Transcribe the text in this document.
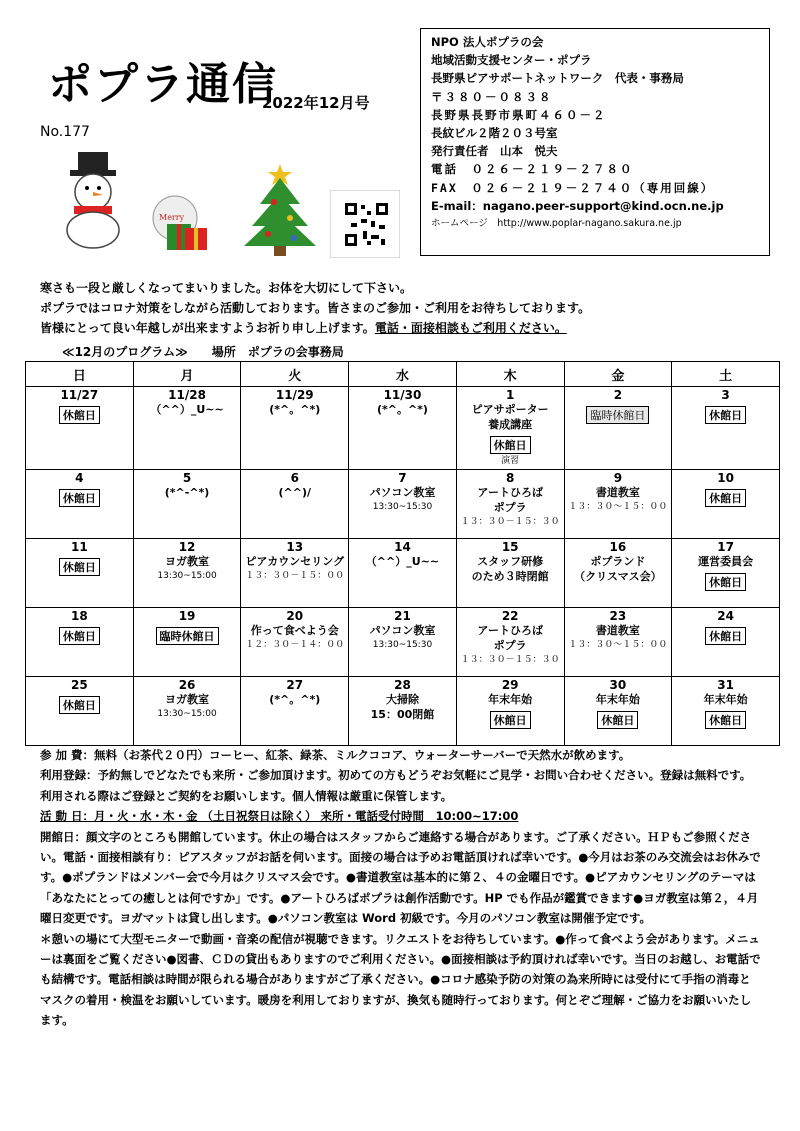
ポプラ通信
2022年12月号
No.177
Merry
NPO 法人ポプラの会
地域活動支援センター・ポプラ
長野県ピアサポートネットワーク　代表・事務局
〒３８０－０８３８
長野県長野市県町４６０－２
長紋ビル２階２０３号室
発行責任者　山本　悦夫
電話　０２６－２１９－２７８０
FAX　０２６－２１９－２７４０（専用回線）
E-mail：nagano.peer-support@kind.ocn.ne.jp
ホームページ　http://www.poplar-nagano.sakura.ne.jp
寒さも一段と厳しくなってまいりました。お体を大切にして下さい。
ポプラではコロナ対策をしながら活動しております。皆さまのご参加・ご利用をお待ちしております。
皆様にとって良い年越しが出来ますようお祈り申し上げます。電話・面接相談もご利用ください。
≪12月のプログラム≫　　場所　ポプラの会事務局
日	月	火	水	木	金	土

11/27
休館日	11/28
（^^）_U~~	11/29
(*^。^*)	11/30
(*^。^*)	1
ピアサポーター
養成講座
休館日
演習	2
臨時休館日	3
休館日

4
休館日	5
(*^-^*)	6
(^^)/	7
パソコン教室
13:30~15:30	8
アートひろば
ポプラ
１３：３０－１５：３０	9
書道教室
１３：３０～１５：００	10
休館日

11
休館日	12
ヨガ教室
13:30~15:00	13
ピアカウンセリング
１３：３０－１５：００	14
（^^）_U~~	15
スタッフ研修
のため３時閉館	16
ポプランド
（クリスマス会）	17
運営委員会
休館日

18
休館日	19
臨時休館日	20
作って食べよう会
１２：３０－１４：００	21
パソコン教室
13:30~15:30	22
アートひろば
ポプラ
１３：３０－１５：３０	23
書道教室
１３：３０～１５：００	24
休館日

25
休館日	26
ヨガ教室
13:30~15:00	27
(*^。^*)	28
大掃除
15：00閉館	29
年末年始
休館日	30
年末年始
休館日	31
年末年始
休館日

参 加 費：無料（お茶代２０円）コーヒー、紅茶、緑茶、ミルクココア、ウォーターサーバーで天然水が飲めます。

利用登録：予約無しでどなたでも来所・ご参加頂けます。初めての方もどうぞお気軽にご見学・お問い合わせください。登録は無料です。利用される際はご登録とご契約をお願いします。個人情報は厳重に保管します。

活 動 日：月・火・水・木・金 （土日祝祭日は除く） 来所・電話受付時間　10:00~17:00

開館日：顔文字のところも開館しています。休止の場合はスタッフからご連絡する場合があります。ご了承ください。ＨＰもご参照ください。電話・面接相談有り：ピアスタッフがお話を伺います。面接の場合は予めお電話頂ければ幸いです。●今月はお茶のみ交流会はお休みです。●ポプランドはメンバー会で今月はクリスマス会です。●書道教室は基本的に第２、４の金曜日です。●ピアカウンセリングのテーマは「あなたにとっての癒しとは何ですか」です。●アートひろばポプラは創作活動です。HP でも作品が鑑賞できます●ヨガ教室は第２，４月曜日変更です。ヨガマットは貸し出します。●パソコン教室は Word 初級です。今月のパソコン教室は開催予定です。

＊憩いの場にて大型モニターで動画・音楽の配信が視聴できます。リクエストをお待ちしています。●作って食べよう会があります。メニューは裏面をご覧ください●図書、ＣＤの貸出もありますのでご利用ください。●面接相談は予約頂ければ幸いです。当日のお越し、お電話でも結構です。電話相談は時間が限られる場合がありますがご了承ください。●コロナ感染予防の対策の為来所時には受付にて手指の消毒とマスクの着用・検温をお願いしています。暖房を利用しておりますが、換気も随時行っております。何とぞご理解・ご協力をお願いいたします。
